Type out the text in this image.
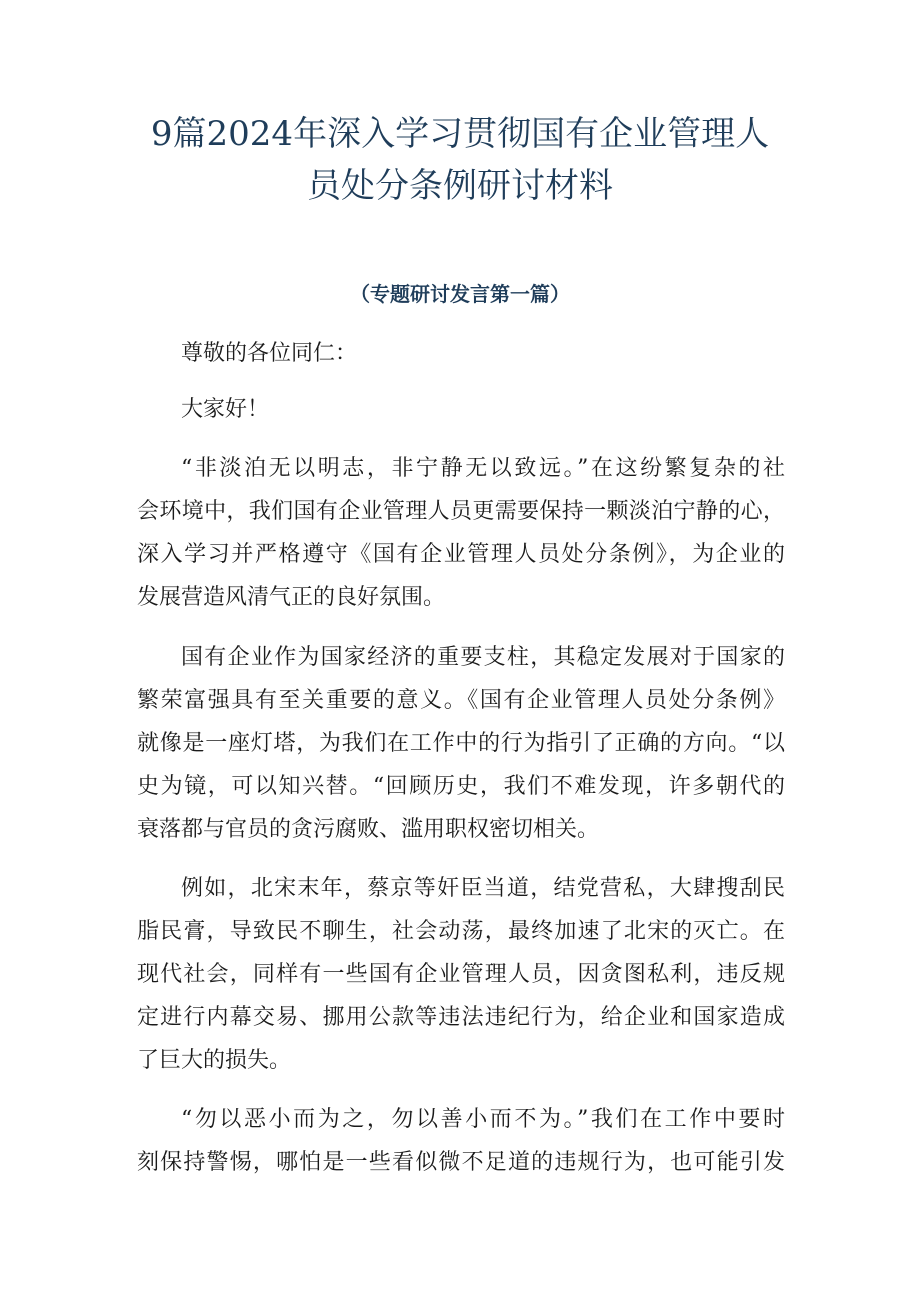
9篇2024年深入学习贯彻国有企业管理人
员处分条例研讨材料
（专题研讨发言第一篇）
尊敬的各位同仁：
大家好！
“非淡泊无以明志，非宁静无以致远。”在这纷繁复杂的社
会环境中，我们国有企业管理人员更需要保持一颗淡泊宁静的心，
深入学习并严格遵守《国有企业管理人员处分条例》，为企业的
发展营造风清气正的良好氛围。
国有企业作为国家经济的重要支柱，其稳定发展对于国家的
繁荣富强具有至关重要的意义。《国有企业管理人员处分条例》
就像是一座灯塔，为我们在工作中的行为指引了正确的方向。“以
史为镜，可以知兴替。“回顾历史，我们不难发现，许多朝代的
衰落都与官员的贪污腐败、滥用职权密切相关。
例如，北宋末年，蔡京等奸臣当道，结党营私，大肆搜刮民
脂民膏，导致民不聊生，社会动荡，最终加速了北宋的灭亡。在
现代社会，同样有一些国有企业管理人员，因贪图私利，违反规
定进行内幕交易、挪用公款等违法违纪行为，给企业和国家造成
了巨大的损失。
“勿以恶小而为之，勿以善小而不为。”我们在工作中要时
刻保持警惕，哪怕是一些看似微不足道的违规行为，也可能引发
